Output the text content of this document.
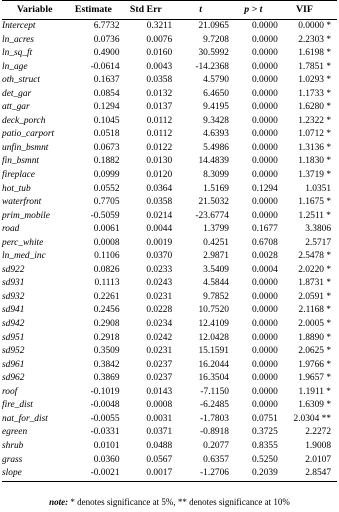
Variable	Estimate	Std Err	t	p > t	VIF
Intercept	6.7732	0.3211	21.0965	0.0000	0.0000 *
ln_acres	0.0736	0.0076	9.7208	0.0000	2.2303 *
ln_sq_ft	0.4900	0.0160	30.5992	0.0000	1.6198 *
ln_age	-0.0614	0.0043	-14.2368	0.0000	1.7851 *
oth_struct	0.1637	0.0358	4.5790	0.0000	1.0293 *
det_gar	0.0854	0.0132	6.4650	0.0000	1.1733 *
att_gar	0.1294	0.0137	9.4195	0.0000	1.6280 *
deck_porch	0.1045	0.0112	9.3428	0.0000	1.2322 *
patio_carport	0.0518	0.0112	4.6393	0.0000	1.0712 *
unfin_bsmnt	0.0673	0.0122	5.4986	0.0000	1.3136 *
fin_bsmnt	0.1882	0.0130	14.4839	0.0000	1.1830 *
fireplace	0.0999	0.0120	8.3099	0.0000	1.3719 *
hot_tub	0.0552	0.0364	1.5169	0.1294	1.0351
waterfront	0.7705	0.0358	21.5032	0.0000	1.1675 *
prim_mobile	-0.5059	0.0214	-23.6774	0.0000	1.2511 *
road	0.0061	0.0044	1.3799	0.1677	3.3806
perc_white	0.0008	0.0019	0.4251	0.6708	2.5717
ln_med_inc	0.1106	0.0370	2.9871	0.0028	2.5478 *
sd922	0.0826	0.0233	3.5409	0.0004	2.0220 *
sd931	0.1113	0.0243	4.5844	0.0000	1.8731 *
sd932	0.2261	0.0231	9.7852	0.0000	2.0591 *
sd941	0.2456	0.0228	10.7520	0.0000	2.1168 *
sd942	0.2908	0.0234	12.4109	0.0000	2.0005 *
sd951	0.2918	0.0242	12.0428	0.0000	1.8890 *
sd952	0.3509	0.0231	15.1591	0.0000	2.0625 *
sd961	0.3842	0.0237	16.2044	0.0000	1.9766 *
sd962	0.3869	0.0237	16.3504	0.0000	1.9657 *
roof	-0.1019	0.0143	-7.1150	0.0000	1.1911 *
fire_dist	-0.0048	0.0008	-6.2485	0.0000	1.6309 *
nat_for_dist	-0.0055	0.0031	-1.7803	0.0751	2.0304 **
egreen	-0.0331	0.0371	-0.8918	0.3725	2.2272
shrub	0.0101	0.0488	0.2077	0.8355	1.9008
grass	0.0360	0.0567	0.6357	0.5250	2.0107
slope	-0.0021	0.0017	-1.2706	0.2039	2.8547
note: * denotes significance at 5%, ** denotes significance at 10%
